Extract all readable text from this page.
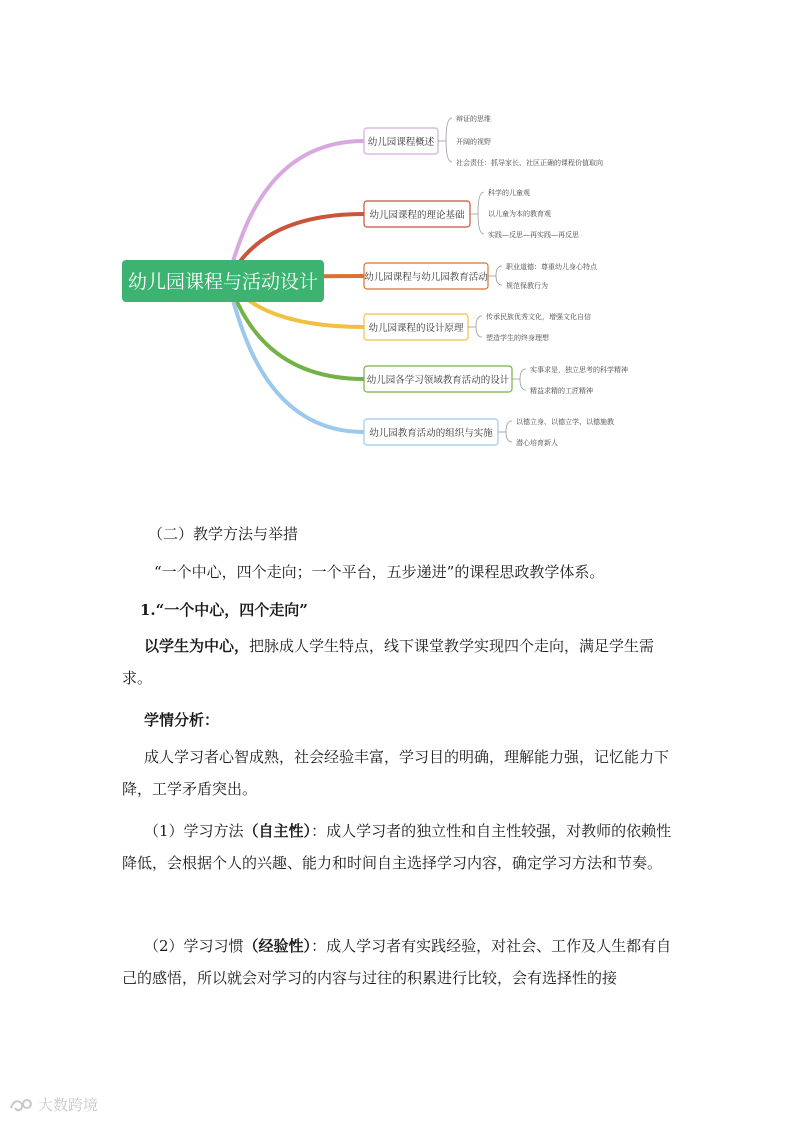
幼儿园课程概述
辩证的思维
开阔的视野
社会责任：抓导家长、社区正确的课程价值取向
幼儿园课程的理论基础
科学的儿童观
以儿童为本的教育观
实践—反思—再实践—再反思
幼儿园课程与幼儿园教育活动
职业道德：尊重幼儿身心特点
规范保教行为
幼儿园课程的设计原理
传承民族优秀文化，增强文化自信
塑造学生的终身理想
幼儿园各学习领域教育活动的设计
实事求是，独立思考的科学精神
精益求精的工匠精神
幼儿园教育活动的组织与实施
以德立身、以德立学、以德施教
潜心培育新人
幼儿园课程与活动设计

（二）教学方法与举措

“一个中心，四个走向；一个平台，五步递进”的课程思政教学体系。

1.“一个中心，四个走向”

以学生为中心，把脉成人学生特点，线下课堂教学实现四个走向，满足学生需求。

学情分析：

成人学习者心智成熟，社会经验丰富，学习目的明确，理解能力强，记忆能力下降，工学矛盾突出。

（1）学习方法（自主性）：成人学习者的独立性和自主性较强，对教师的依赖性降低，会根据个人的兴趣、能力和时间自主选择学习内容，确定学习方法和节奏。

（2）学习习惯（经验性）：成人学习者有实践经验，对社会、工作及人生都有自己的感悟，所以就会对学习的内容与过往的积累进行比较，会有选择性的接

大数跨境
